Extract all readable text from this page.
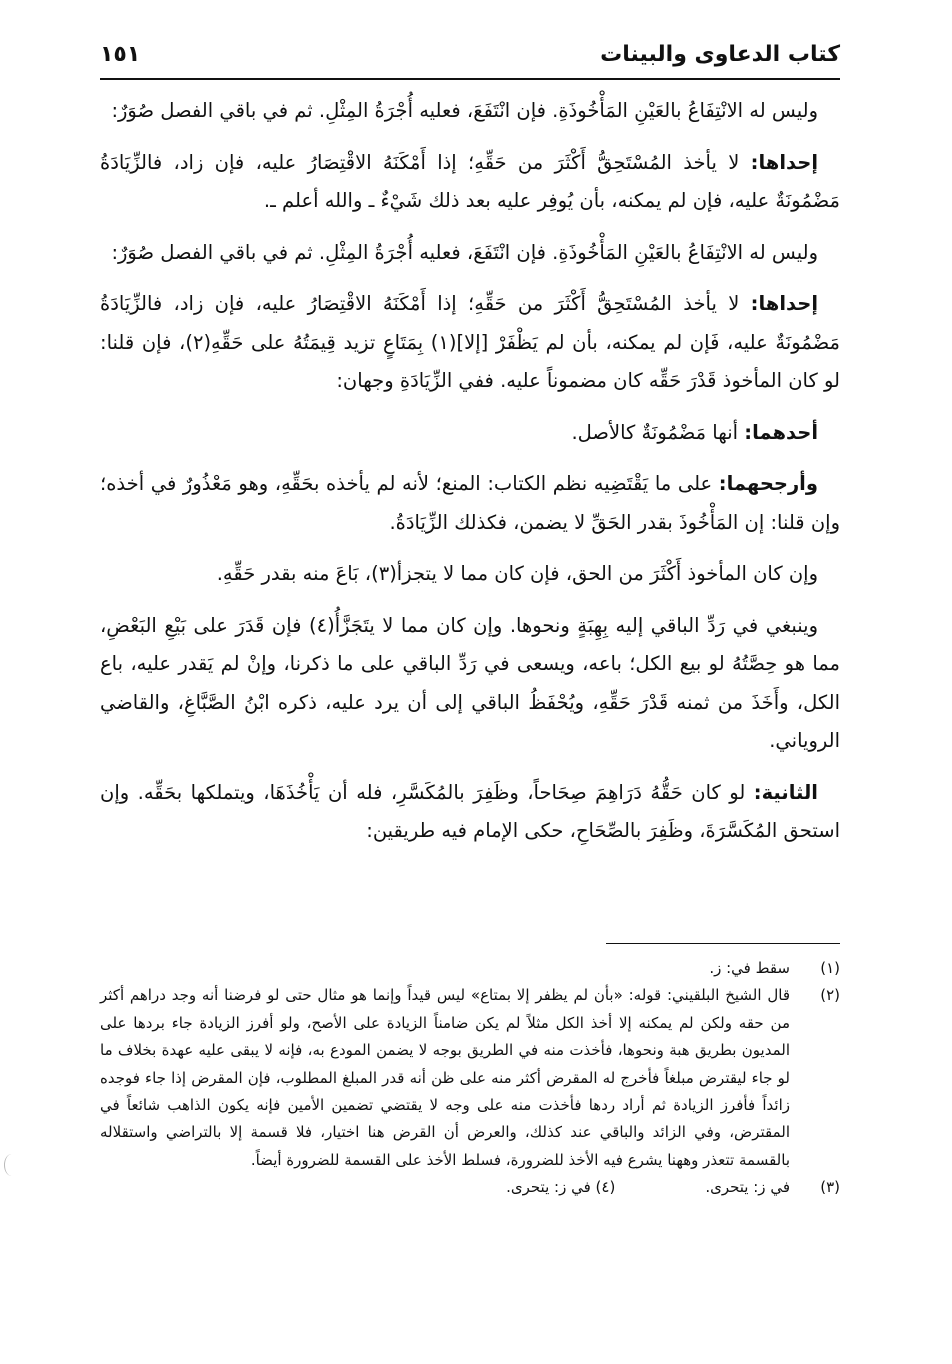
كتاب الدعاوى والبينات
١٥١

وليس له الانْتِفَاعُ بالعَيْنِ المَأْخُوذَةِ. فإن انْتَفَعَ، فعليه أُجْرَةُ المِثْلِ. ثم في باقي الفصل صُوَرٌ:

إحداها: لا يأخذ المُسْتَحِقُّ أَكْثَرَ من حَقِّهِ؛ إذا أَمْكَنَهُ الاقْتِصَارُ عليه، فإن زاد، فالزِّيَادَةُ مَضْمُونَةٌ عليه، فإن لم يمكنه، بأن يُوفِر عليه بعد ذلك شَيْءٌ ـ والله أعلم ـ.

وليس له الانْتِفَاعُ بالعَيْنِ المَأْخُوذَةِ. فإن انْتَفَعَ، فعليه أُجْرَةُ المِثْلِ. ثم في باقي الفصل صُوَرٌ:

إحداها: لا يأخذ المُسْتَحِقُّ أَكْثَرَ من حَقِّهِ؛ إذا أَمْكَنَهُ الاقْتِصَارُ عليه، فإن زاد، فالزِّيَادَةُ مَضْمُونَةٌ عليه، فَإن لم يمكنه، بأن لم يَظْفَرْ [إلا](١) بِمَتَاعٍ تزيد قِيمَتُهُ على حَقِّهِ(٢)، فإن قلنا: لو كان المأخوذ قَدْرَ حَقِّه كان مضموناً عليه. ففي الزِّيَادَةِ وجهان:

أحدهما: أنها مَضْمُونَةٌ كالأصل.

وأرجحهما: على ما يَقْتَضِيه نظم الكتاب: المنع؛ لأنه لم يأخذه بحَقِّهِ، وهو مَعْذُورٌ في أخذه؛ وإن قلنا: إن المَأْخُوذَ بقدر الحَقِّ لا يضمن، فكذلك الزِّيَادَةُ.

وإن كان المأخوذ أَكْثَرَ من الحق، فإن كان مما لا يتجزأ(٣)، بَاعَ منه بقدر حَقِّهِ.

وينبغي في رَدِّ الباقي إليه بِهِبَةٍ ونحوها. وإن كان مما لا يتَجَزَّأُ(٤) فإن قَدَرَ على بَيْعِ البَعْضِ، مما هو حِصَّتُهُ لو بيع الكل؛ باعه، ويسعى في رَدِّ الباقي على ما ذكرنا، وإنْ لم يَقدر عليه، باع الكل، وأَخَذَ من ثمنه قَدْرَ حَقِّهِ، ويُحْفَظُ الباقي إلى أن يرد عليه، ذكره ابْنُ الصَّبَّاغِ، والقاضي الروياني.

الثانية: لو كان حَقُّهُ دَرَاهِمَ صِحَاحاً، وظَفِرَ بالمُكَسَّرِ، فله أن يَأْخُذَهَا، ويتملكها بحَقِّه. وإن استحق المُكَسَّرَةَ، وظَفِرَ بالصِّحَاحِ، حكى الإمام فيه طريقين:

(١)
سقط في: ز.
(٢)
قال الشيخ البلقيني: قوله: «بأن لم يظفر إلا بمتاع» ليس قيداً وإنما هو مثال حتى لو فرضنا أنه وجد دراهم أكثر من حقه ولكن لم يمكنه إلا أخذ الكل مثلاً لم يكن ضامناً الزيادة على الأصح، ولو أفرز الزيادة جاء بردها على المديون بطريق هبة ونحوها، فأخذت منه في الطريق بوجه لا يضمن المودع به، فإنه لا يبقى عليه عهدة بخلاف ما لو جاء ليقترض مبلغاً فأخرج له المقرض أكثر منه على ظن أنه قدر المبلغ المطلوب، فإن المقرض إذا جاء فوجده زائداً فأفرز الزيادة ثم أراد ردها فأخذت منه على وجه لا يقتضي تضمين الأمين فإنه يكون الذاهب شائعاً في المقترض، وفي الزائد والباقي عند كذلك، والعرض أن القرض هنا اختيار، فلا قسمة إلا بالتراضي واستقلاله بالقسمة تتعذر وههنا يشرع فيه الأخذ للضرورة، فسلط الأخذ على القسمة للضرورة أيضاً.
(٣)
في ز: يتحرى.
(٤) في ز: يتحرى.
